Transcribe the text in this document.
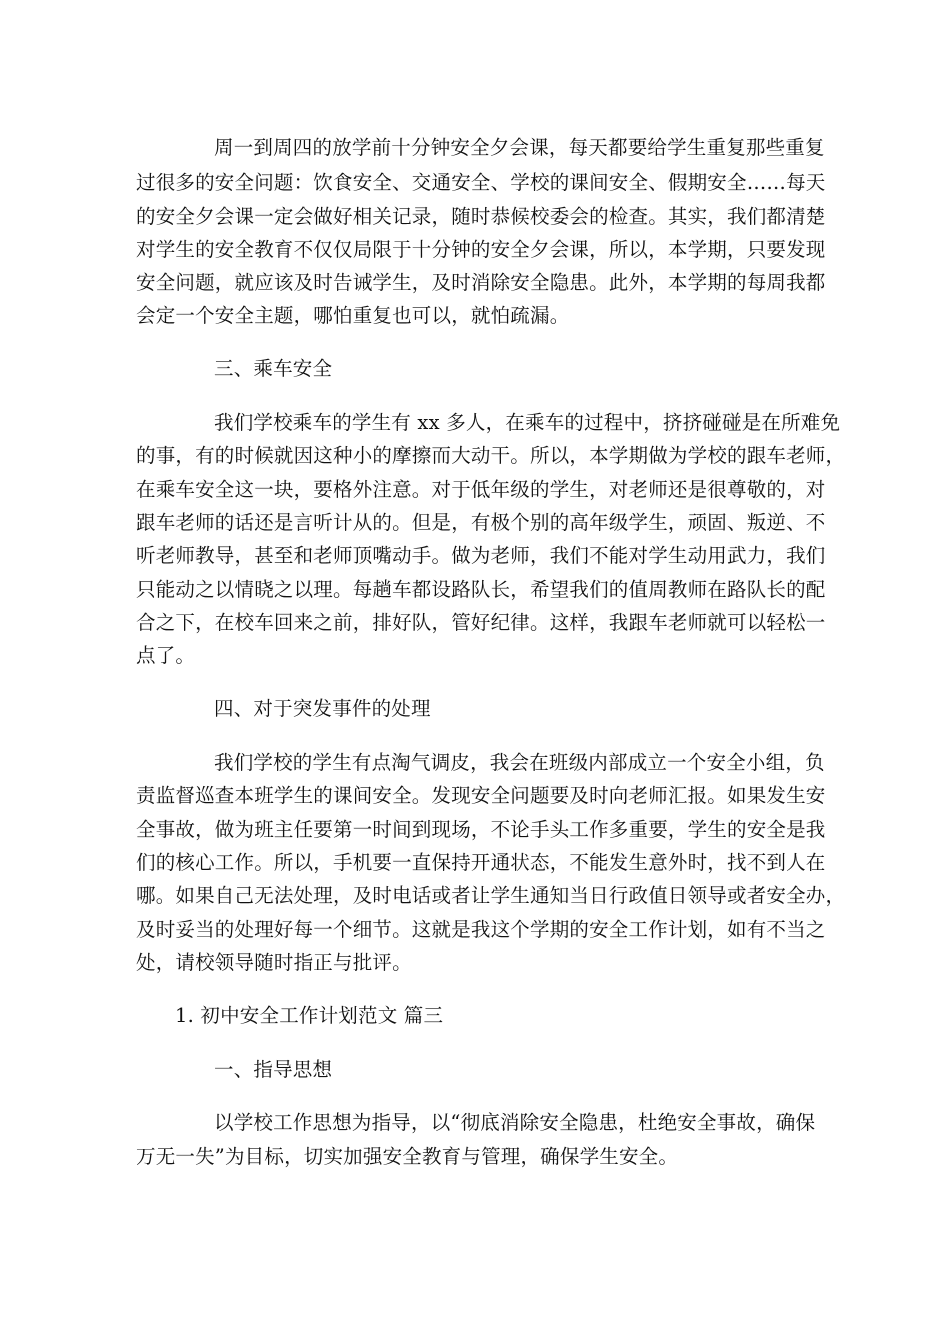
周一到周四的放学前十分钟安全夕会课，每天都要给学生重复那些重复
过很多的安全问题：饮食安全、交通安全、学校的课间安全、假期安全……每天
的安全夕会课一定会做好相关记录，随时恭候校委会的检查。其实，我们都清楚
对学生的安全教育不仅仅局限于十分钟的安全夕会课，所以，本学期，只要发现
安全问题，就应该及时告诫学生，及时消除安全隐患。此外，本学期的每周我都
会定一个安全主题，哪怕重复也可以，就怕疏漏。
三、乘车安全
我们学校乘车的学生有 xx 多人，在乘车的过程中，挤挤碰碰是在所难免
的事，有的时候就因这种小的摩擦而大动干。所以，本学期做为学校的跟车老师，
在乘车安全这一块，要格外注意。对于低年级的学生，对老师还是很尊敬的，对
跟车老师的话还是言听计从的。但是，有极个别的高年级学生，顽固、叛逆、不
听老师教导，甚至和老师顶嘴动手。做为老师，我们不能对学生动用武力，我们
只能动之以情晓之以理。每趟车都设路队长，希望我们的值周教师在路队长的配
合之下，在校车回来之前，排好队，管好纪律。这样，我跟车老师就可以轻松一
点了。
四、对于突发事件的处理
我们学校的学生有点淘气调皮，我会在班级内部成立一个安全小组，负
责监督巡查本班学生的课间安全。发现安全问题要及时向老师汇报。如果发生安
全事故，做为班主任要第一时间到现场，不论手头工作多重要，学生的安全是我
们的核心工作。所以，手机要一直保持开通状态，不能发生意外时，找不到人在
哪。如果自己无法处理，及时电话或者让学生通知当日行政值日领导或者安全办，
及时妥当的处理好每一个细节。这就是我这个学期的安全工作计划，如有不当之
处，请校领导随时指正与批评。
1. 初中安全工作计划范文 篇三
一、指导思想
以学校工作思想为指导，以“彻底消除安全隐患，杜绝安全事故，确保
万无一失”为目标，切实加强安全教育与管理，确保学生安全。
